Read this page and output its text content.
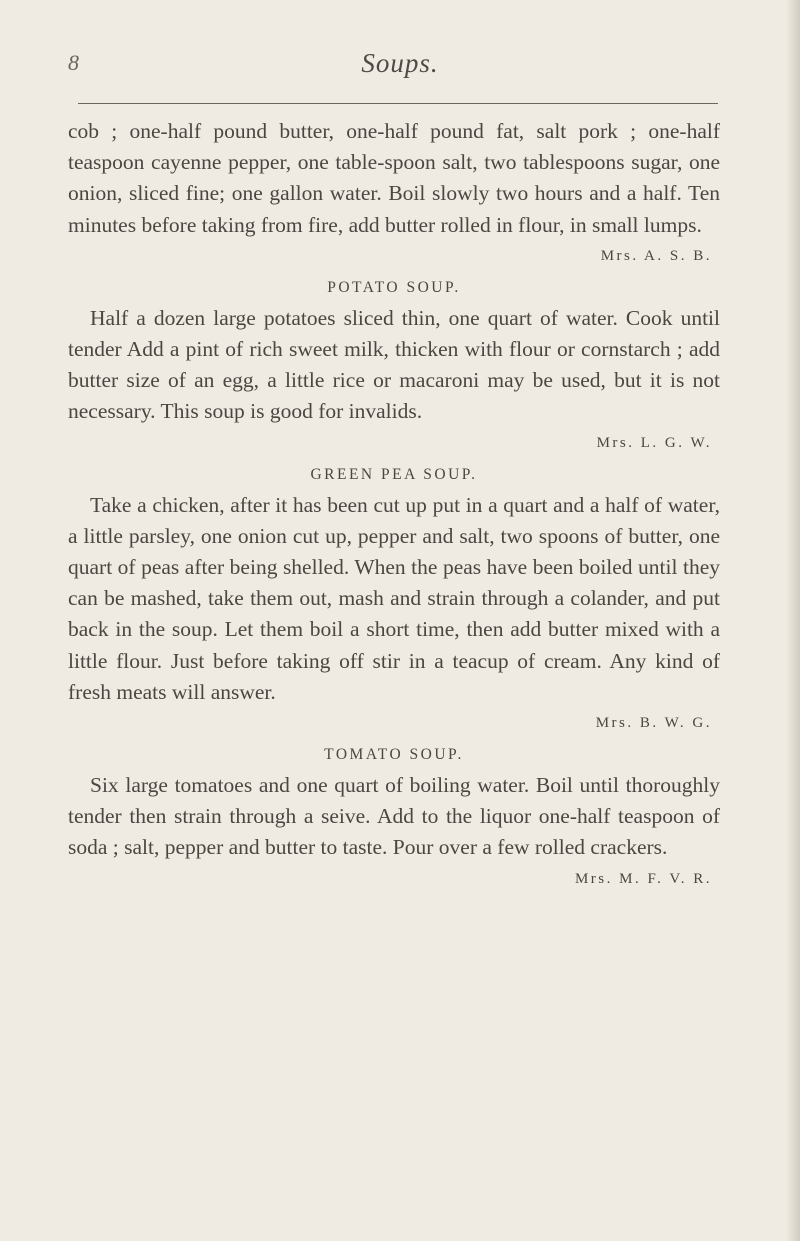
8	Soups.

cob ; one-half pound butter, one-half pound fat, salt pork ; one-half teaspoon cayenne pepper, one table-spoon salt, two tablespoons sugar, one onion, sliced fine; one gallon water. Boil slowly two hours and a half. Ten minutes before taking from fire, add butter rolled in flour, in small lumps.

Mrs. A. S. B.

POTATO SOUP.

Half a dozen large potatoes sliced thin, one quart of water. Cook until tender Add a pint of rich sweet milk, thicken with flour or cornstarch ; add butter size of an egg, a little rice or macaroni may be used, but it is not necessary. This soup is good for invalids.

Mrs. L. G. W.

GREEN PEA SOUP.

Take a chicken, after it has been cut up put in a quart and a half of water, a little parsley, one onion cut up, pepper and salt, two spoons of butter, one quart of peas after being shelled. When the peas have been boiled until they can be mashed, take them out, mash and strain through a colander, and put back in the soup. Let them boil a short time, then add butter mixed with a little flour. Just before taking off stir in a teacup of cream. Any kind of fresh meats will answer.

Mrs. B. W. G.

TOMATO SOUP.

Six large tomatoes and one quart of boiling water. Boil until thoroughly tender then strain through a seive. Add to the liquor one-half teaspoon of soda ; salt, pepper and butter to taste. Pour over a few rolled crackers.

Mrs. M. F. V. R.
